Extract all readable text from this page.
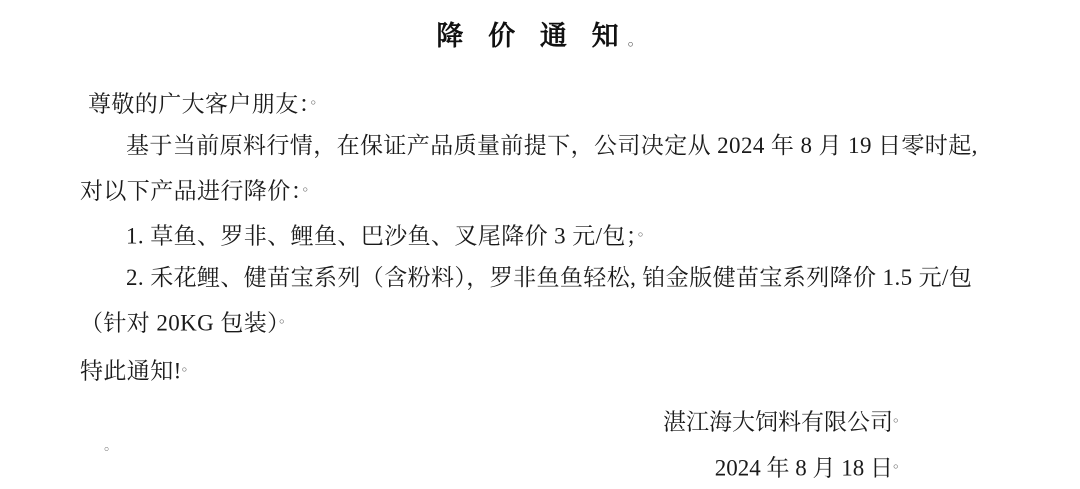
降 价 通 知。
尊敬的广大客户朋友：。
基于当前原料行情，在保证产品质量前提下，公司决定从 2024 年 8 月 19 日零时起, 对以下产品进行降价：。
1. 草鱼、罗非、鲤鱼、巴沙鱼、叉尾降价 3 元/包；。
2. 禾花鲤、健苗宝系列（含粉料），罗非鱼鱼轻松, 铂金版健苗宝系列降价 1.5 元/包（针对 20KG 包装）。
特此通知!。
湛江海大饲料有限公司。
2024 年 8 月 18 日。
。
